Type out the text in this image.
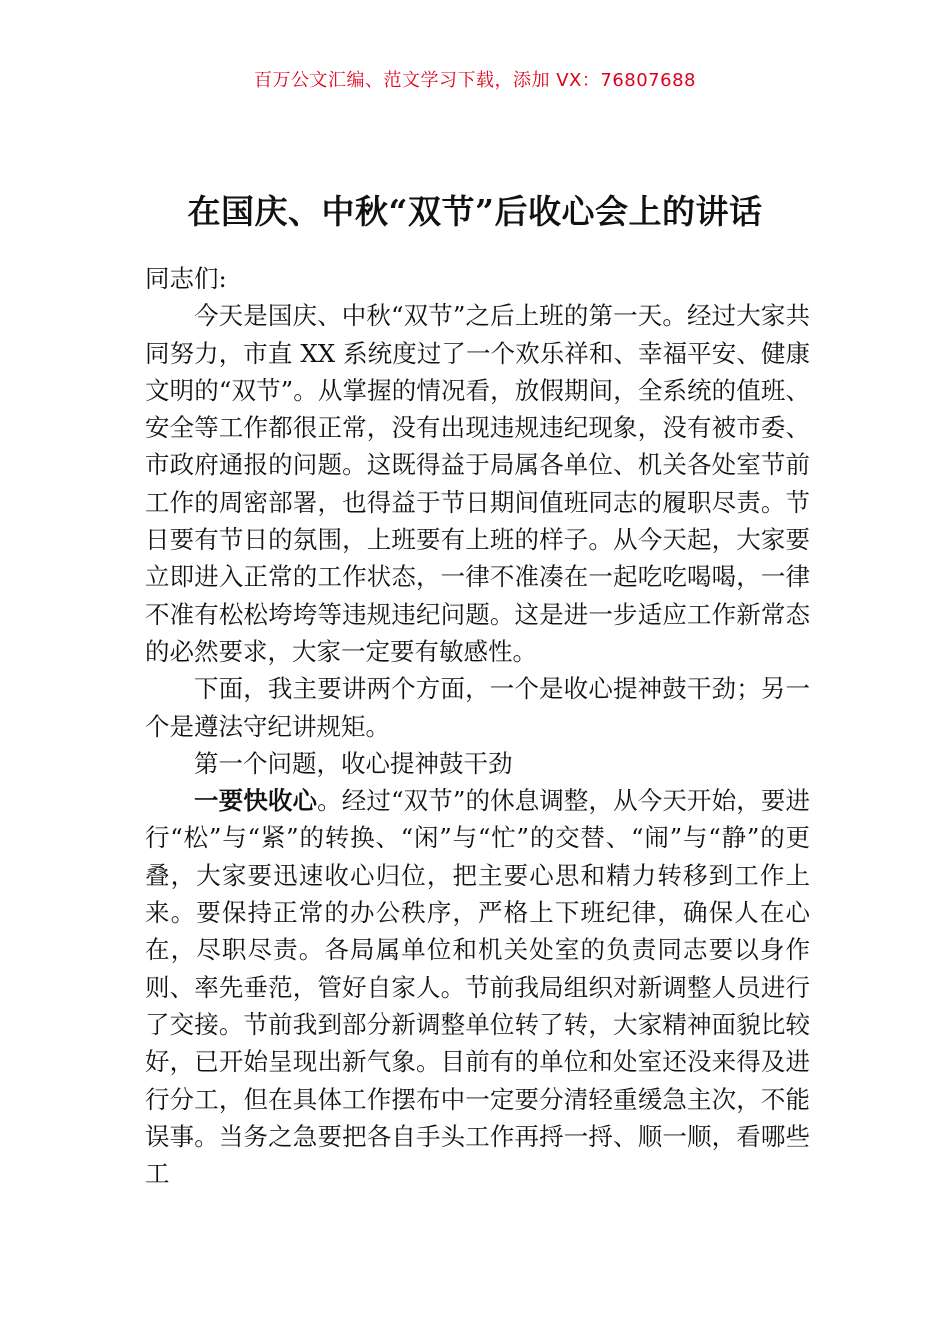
百万公文汇编、范文学习下载，添加 VX：76807688
在国庆、中秋“双节”后收心会上的讲话

同志们:

今天是国庆、中秋“双节”之后上班的第一天。经过大家共同努力，市直 XX 系统度过了一个欢乐祥和、幸福平安、健康文明的“双节”。从掌握的情况看，放假期间，全系统的值班、安全等工作都很正常，没有出现违规违纪现象，没有被市委、市政府通报的问题。这既得益于局属各单位、机关各处室节前工作的周密部署，也得益于节日期间值班同志的履职尽责。节日要有节日的氛围，上班要有上班的样子。从今天起，大家要立即进入正常的工作状态，一律不准凑在一起吃吃喝喝，一律不准有松松垮垮等违规违纪问题。这是进一步适应工作新常态的必然要求，大家一定要有敏感性。

下面，我主要讲两个方面，一个是收心提神鼓干劲；另一个是遵法守纪讲规矩。

第一个问题，收心提神鼓干劲

一要快收心。经过“双节”的休息调整，从今天开始，要进行“松”与“紧”的转换、“闲”与“忙”的交替、“闹”与“静”的更叠，大家要迅速收心归位，把主要心思和精力转移到工作上来。要保持正常的办公秩序，严格上下班纪律，确保人在心在，尽职尽责。各局属单位和机关处室的负责同志要以身作则、率先垂范，管好自家人。节前我局组织对新调整人员进行了交接。节前我到部分新调整单位转了转，大家精神面貌比较好，已开始呈现出新气象。目前有的单位和处室还没来得及进行分工，但在具体工作摆布中一定要分清轻重缓急主次，不能误事。当务之急要把各自手头工作再捋一捋、顺一顺，看哪些工
